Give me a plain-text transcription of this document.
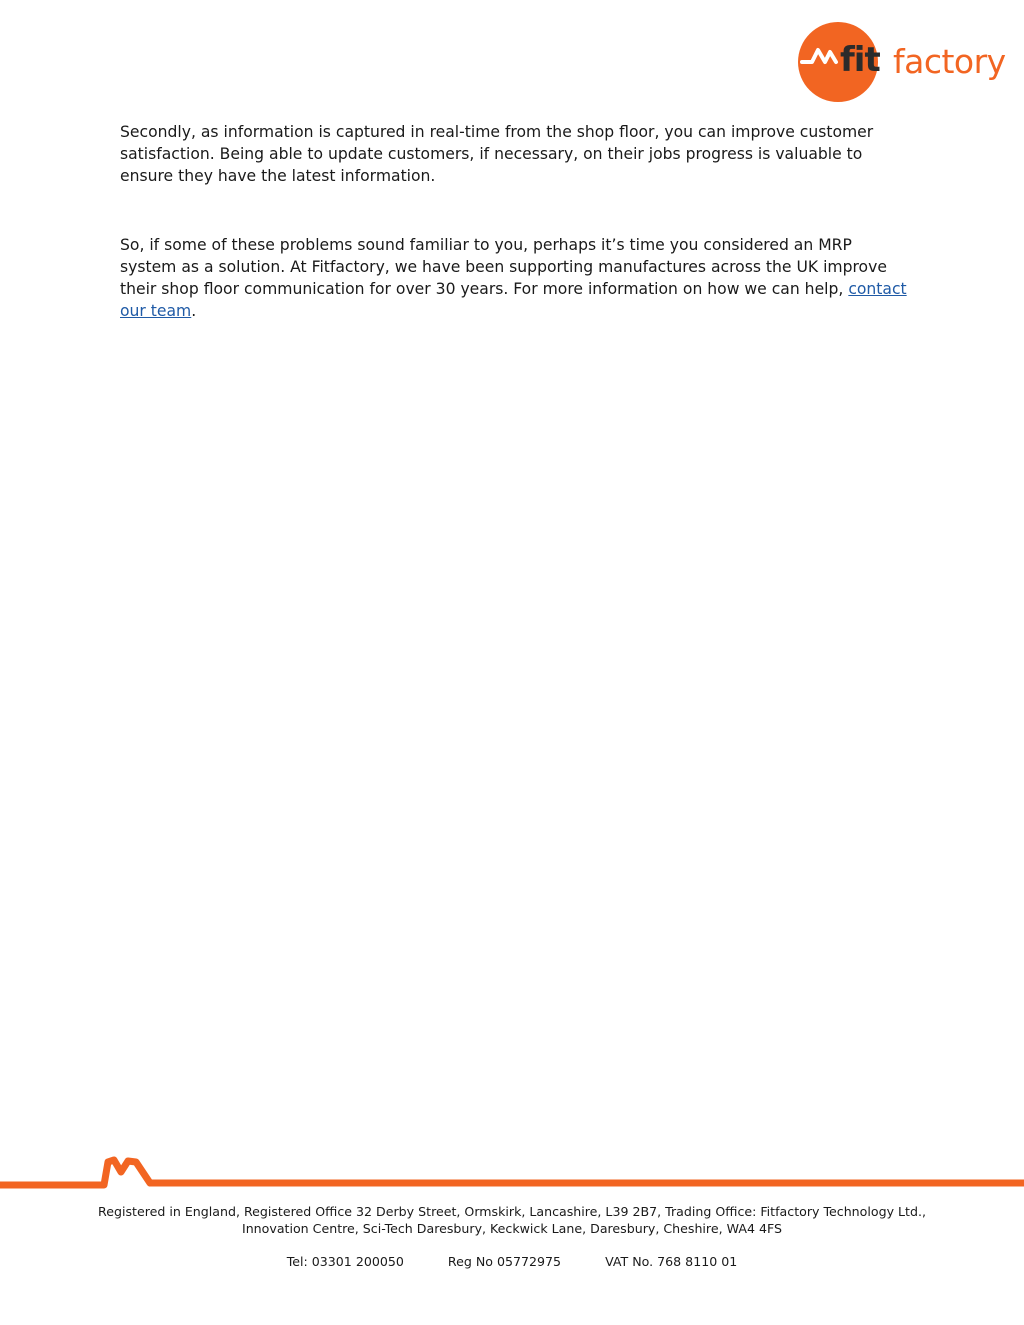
fit factory

Secondly, as information is captured in real-time from the shop floor, you can improve customer satisfaction. Being able to update customers, if necessary, on their jobs progress is valuable to ensure they have the latest information.

So, if some of these problems sound familiar to you, perhaps it’s time you considered an MRP system as a solution. At Fitfactory, we have been supporting manufactures across the UK improve their shop floor communication for over 30 years. For more information on how we can help, contact our team.

Registered in England, Registered Office 32 Derby Street, Ormskirk, Lancashire, L39 2B7, Trading Office: Fitfactory Technology Ltd.,
Innovation Centre, Sci-Tech Daresbury, Keckwick Lane, Daresbury, Cheshire, WA4 4FS
Tel: 03301 200050	Reg No 05772975	VAT No. 768 8110 01
